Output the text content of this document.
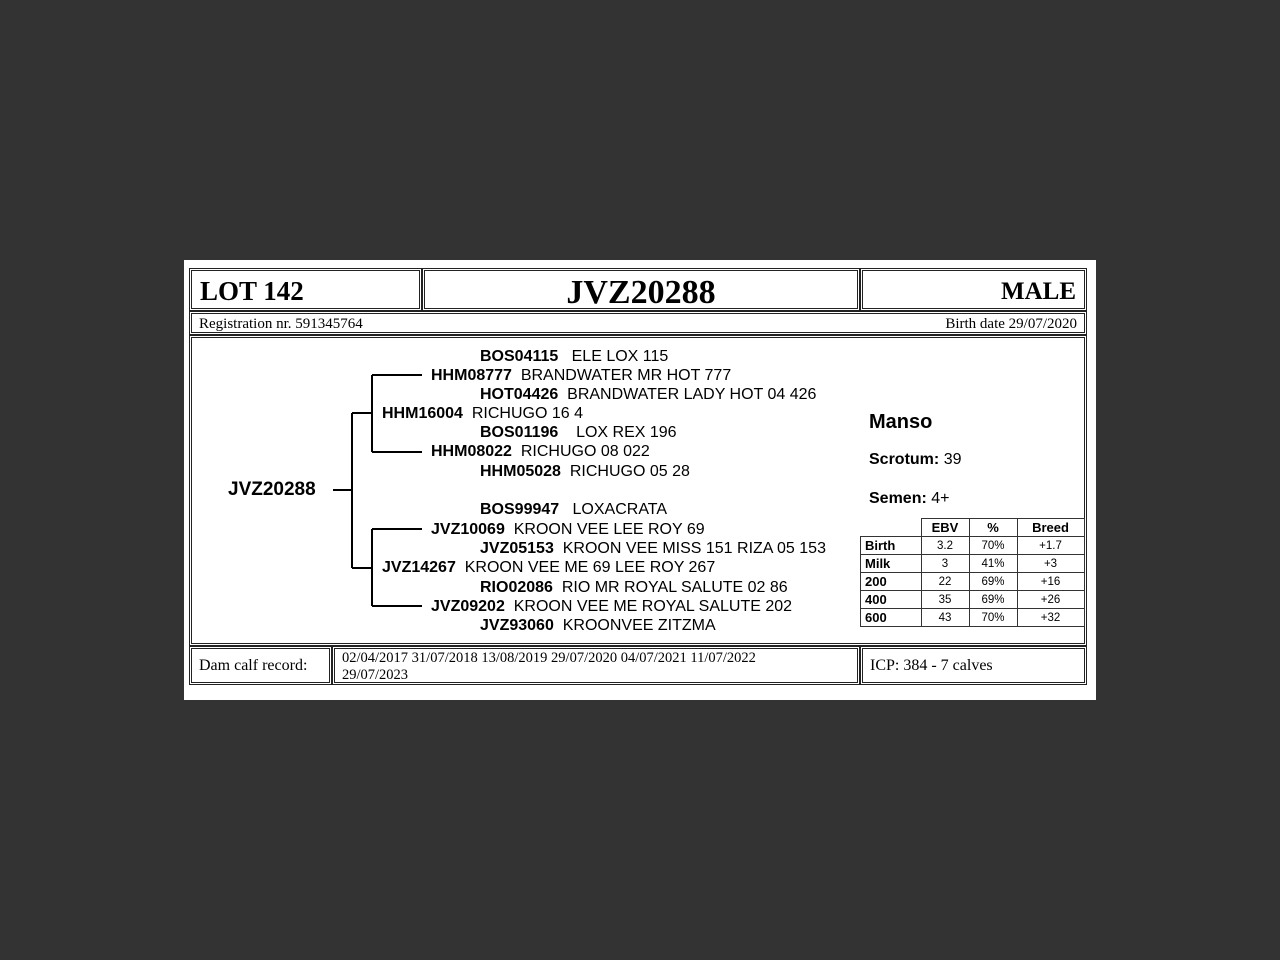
LOT 142	JVZ20288	MALE
Registration nr. 591345764	Birth date 29/07/2020
JVZ20288
BOS04115 ELE LOX 115
HHM08777 BRANDWATER MR HOT 777
HOT04426 BRANDWATER LADY HOT 04 426
HHM16004 RICHUGO 16 4
BOS01196 LOX REX 196
HHM08022 RICHUGO 08 022
HHM05028 RICHUGO 05 28
BOS99947 LOXACRATA
JVZ10069 KROON VEE LEE ROY 69
JVZ05153 KROON VEE MISS 151 RIZA 05 153
JVZ14267 KROON VEE ME 69 LEE ROY 267
RIO02086 RIO MR ROYAL SALUTE 02 86
JVZ09202 KROON VEE ME ROYAL SALUTE 202
JVZ93060 KROONVEE ZITZMA
Manso
Scrotum: 39
Semen: 4+
	EBV	%	Breed
Birth	3.2	70%	+1.7
Milk	3	41%	+3
200	22	69%	+16
400	35	69%	+26
600	43	70%	+32
Dam calf record: 02/04/2017 31/07/2018 13/08/2019 29/07/2020 04/07/2021 11/07/2022
29/07/2023
ICP: 384 - 7 calves
